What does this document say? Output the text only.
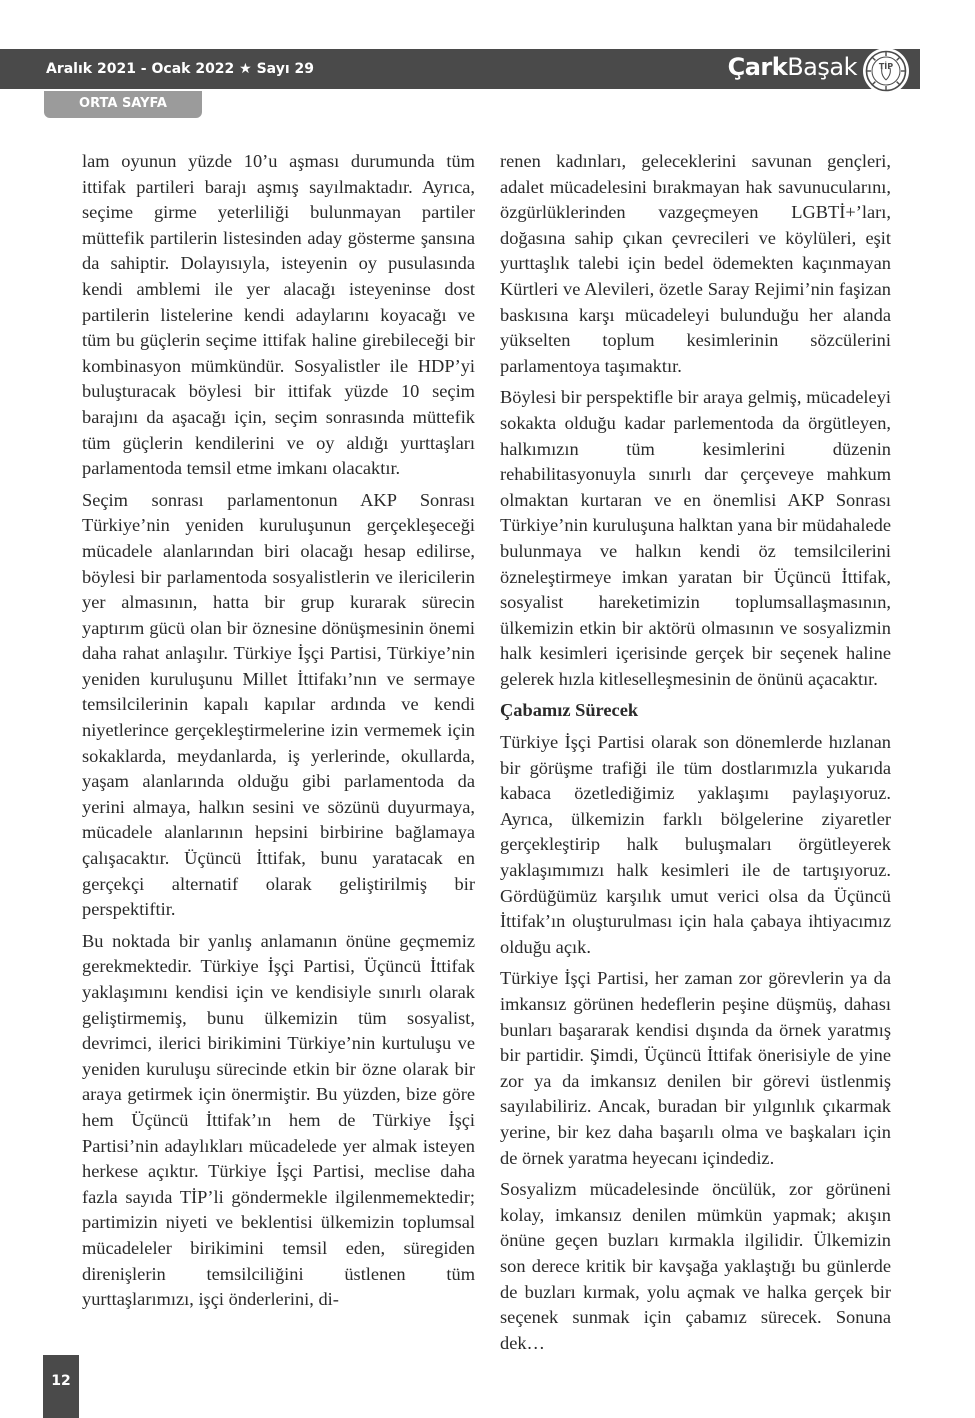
Aralık 2021 - Ocak 2022 ★ Sayı 29	ÇarkBaşak	TİP
ORTA SAYFA

lam oyunun yüzde 10’u aşması durumunda tüm ittifak partileri barajı aşmış sayılmaktadır. Ayrıca, seçime girme yeterliliği bulunmayan partiler müttefik partilerin listesinden aday gösterme şansına da sahiptir. Dolayısıyla, isteyenin oy pusulasında kendi amblemi ile yer alacağı isteyeninse dost partilerin listelerine kendi adaylarını koyacağı ve tüm bu güçlerin seçime ittifak haline girebileceği bir kombinasyon mümkündür. Sosyalistler ile HDP’yi buluşturacak böylesi bir ittifak yüzde 10 seçim barajını da aşacağı için, seçim sonrasında müttefik tüm güçlerin kendilerini ve oy aldığı yurttaşları parlamentoda temsil etme imkanı olacaktır.

Seçim sonrası parlamentonun AKP Sonrası Türkiye’nin yeniden kuruluşunun gerçekleşeceği mücadele alanlarından biri olacağı hesap edilirse, böylesi bir parlamentoda sosyalistlerin ve ilericilerin yer almasının, hatta bir grup kurarak sürecin yaptırım gücü olan bir öznesine dönüşmesinin önemi daha rahat anlaşılır. Türkiye İşçi Partisi, Türkiye’nin yeniden kuruluşunu Millet İttifakı’nın ve sermaye temsilcilerinin kapalı kapılar ardında ve kendi niyetlerince gerçekleştirmelerine izin vermemek için sokaklarda, meydanlarda, iş yerlerinde, okullarda, yaşam alanlarında olduğu gibi parlamentoda da yerini almaya, halkın sesini ve sözünü duyurmaya, mücadele alanlarının hepsini birbirine bağlamaya çalışacaktır. Üçüncü İttifak, bunu yaratacak en gerçekçi alternatif olarak geliştirilmiş bir perspektiftir.

Bu noktada bir yanlış anlamanın önüne geçmemiz gerekmektedir. Türkiye İşçi Partisi, Üçüncü İttifak yaklaşımını kendisi için ve kendisiyle sınırlı olarak geliştirmemiş, bunu ülkemizin tüm sosyalist, devrimci, ilerici birikimini Türkiye’nin kurtuluşu ve yeniden kuruluşu sürecinde etkin bir özne olarak bir araya getirmek için önermiştir. Bu yüzden, bize göre hem Üçüncü İttifak’ın hem de Türkiye İşçi Partisi’nin adaylıkları mücadelede yer almak isteyen herkese açıktır. Türkiye İşçi Partisi, meclise daha fazla sayıda TİP’li göndermekle ilgilenmemektedir; partimizin niyeti ve beklentisi ülkemizin toplumsal mücadeleler birikimini temsil eden, süregiden direnişlerin temsilciliğini üstlenen tüm yurttaşlarımızı, işçi önderlerini, di-

renen kadınları, geleceklerini savunan gençleri, adalet mücadelesini bırakmayan hak savunucularını, özgürlüklerinden vazgeçmeyen LGBTİ+’ları, doğasına sahip çıkan çevrecileri ve köylüleri, eşit yurttaşlık talebi için bedel ödemekten kaçınmayan Kürtleri ve Alevileri, özetle Saray Rejimi’nin faşizan baskısına karşı mücadeleyi bulunduğu her alanda yükselten toplum kesimlerinin sözcülerini parlamentoya taşımaktır.

Böylesi bir perspektifle bir araya gelmiş, mücadeleyi sokakta olduğu kadar parlementoda da örgütleyen, halkımızın tüm kesimlerini düzenin rehabilitasyonuyla sınırlı dar çerçeveye mahkum olmaktan kurtaran ve en önemlisi AKP Sonrası Türkiye’nin kuruluşuna halktan yana bir müdahalede bulunmaya ve halkın kendi öz temsilcilerini özneleştirmeye imkan yaratan bir Üçüncü İttifak, sosyalist hareketimizin toplumsallaşmasının, ülkemizin etkin bir aktörü olmasının ve sosyalizmin halk kesimleri içerisinde gerçek bir seçenek haline gelerek hızla kitleselleşmesinin de önünü açacaktır.

Çabamız Sürecek

Türkiye İşçi Partisi olarak son dönemlerde hızlanan bir görüşme trafiği ile tüm dostlarımızla yukarıda kabaca özetlediğimiz yaklaşımı paylaşıyoruz. Ayrıca, ülkemizin farklı bölgelerine ziyaretler gerçekleştirip halk buluşmaları örgütleyerek yaklaşımımızı halk kesimleri ile de tartışıyoruz. Gördüğümüz karşılık umut verici olsa da Üçüncü İttifak’ın oluşturulması için hala çabaya ihtiyacımız olduğu açık.

Türkiye İşçi Partisi, her zaman zor görevlerin ya da imkansız görünen hedeflerin peşine düşmüş, dahası bunları başararak kendisi dışında da örnek yaratmış bir partidir. Şimdi, Üçüncü İttifak önerisiyle de yine zor ya da imkansız denilen bir görevi üstlenmiş sayılabiliriz. Ancak, buradan bir yılgınlık çıkarmak yerine, bir kez daha başarılı olma ve başkaları için de örnek yaratma heyecanı içindediz.

Sosyalizm mücadelesinde öncülük, zor görüneni kolay, imkansız denilen mümkün yapmak; akışın önüne geçen buzları kırmakla ilgilidir. Ülkemizin son derece kritik bir kavşağa yaklaştığı bu günlerde de buzları kırmak, yolu açmak ve halka gerçek bir seçenek sunmak için çabamız sürecek. Sonuna dek…

12
